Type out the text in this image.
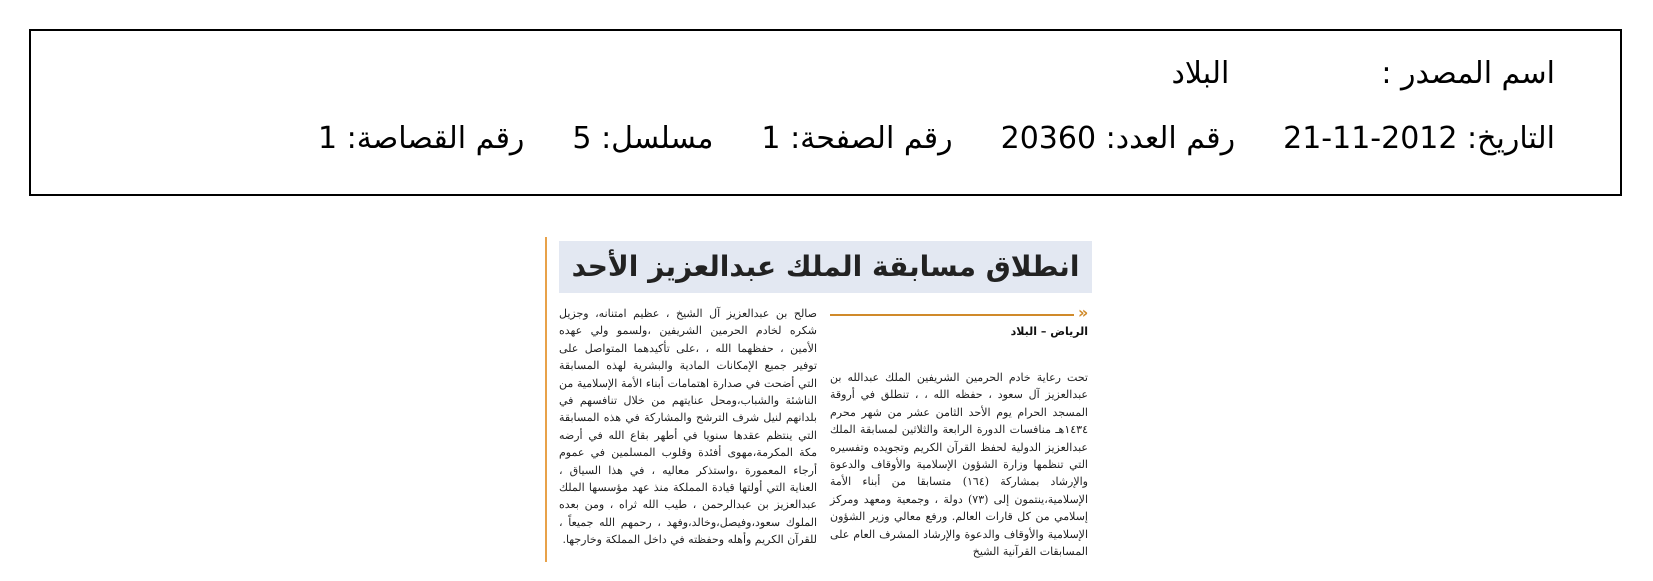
اسم المصدر :البلاد
التاريخ: 21-11-2012رقم العدد: 20360رقم الصفحة: 1مسلسل: 5رقم القصاصة: 1
انطلاق مسابقة الملك عبدالعزيز الأحد
»
الرياض – البلاد
تحت رعاية خادم الحرمين الشريفين الملك عبدالله بن عبدالعزيز آل سعود ، حفظه الله ، ، تنطلق في أروقة المسجد الحرام يوم الأحد الثامن عشر من شهر محرم ١٤٣٤هـ منافسات الدورة الرابعة والثلاثين لمسابقة الملك عبدالعزيز الدولية لحفظ القرآن الكريم وتجويده وتفسيره التي تنظمها وزارة الشؤون الإسلامية والأوقاف والدعوة والإرشاد بمشاركة (١٦٤) متسابقا من أبناء الأمة الإسلامية،ينتمون إلى (٧٣) دولة ، وجمعية ومعهد ومركز إسلامي من كل قارات العالم. ورفع معالي وزير الشؤون الإسلامية والأوقاف والدعوة والإرشاد المشرف العام على المسابقات القرآنية الشيخ
صالح بن عبدالعزيز آل الشيخ ، عظيم امتنانه، وجزيل شكره لخادم الحرمين الشريفين ،ولسمو ولي عهده الأمين ، حفظهما الله ، ،على تأكيدهما المتواصل على توفير جميع الإمكانات المادية والبشرية لهذه المسابقة التي أضحت في صدارة اهتمامات أبناء الأمة الإسلامية من الناشئة والشباب،ومحل عنايتهم من خلال تنافسهم في بلدانهم لنيل شرف الترشح والمشاركة في هذه المسابقة التي ينتظم عقدها سنويا في أطهر بقاع الله في أرضه مكة المكرمة،مهوى أفئدة وقلوب المسلمين في عموم أرجاء المعمورة ،واستذكر معاليه ، في هذا السياق ، العناية التي أولتها قيادة المملكة منذ عهد مؤسسها الملك عبدالعزيز بن عبدالرحمن ، طيب الله ثراه ، ومن بعده الملوك سعود،وفيصل،وخالد،وفهد ، رحمهم الله جميعاً ، للقرآن الكريم وأهله وحفظته في داخل المملكة وخارجها.
